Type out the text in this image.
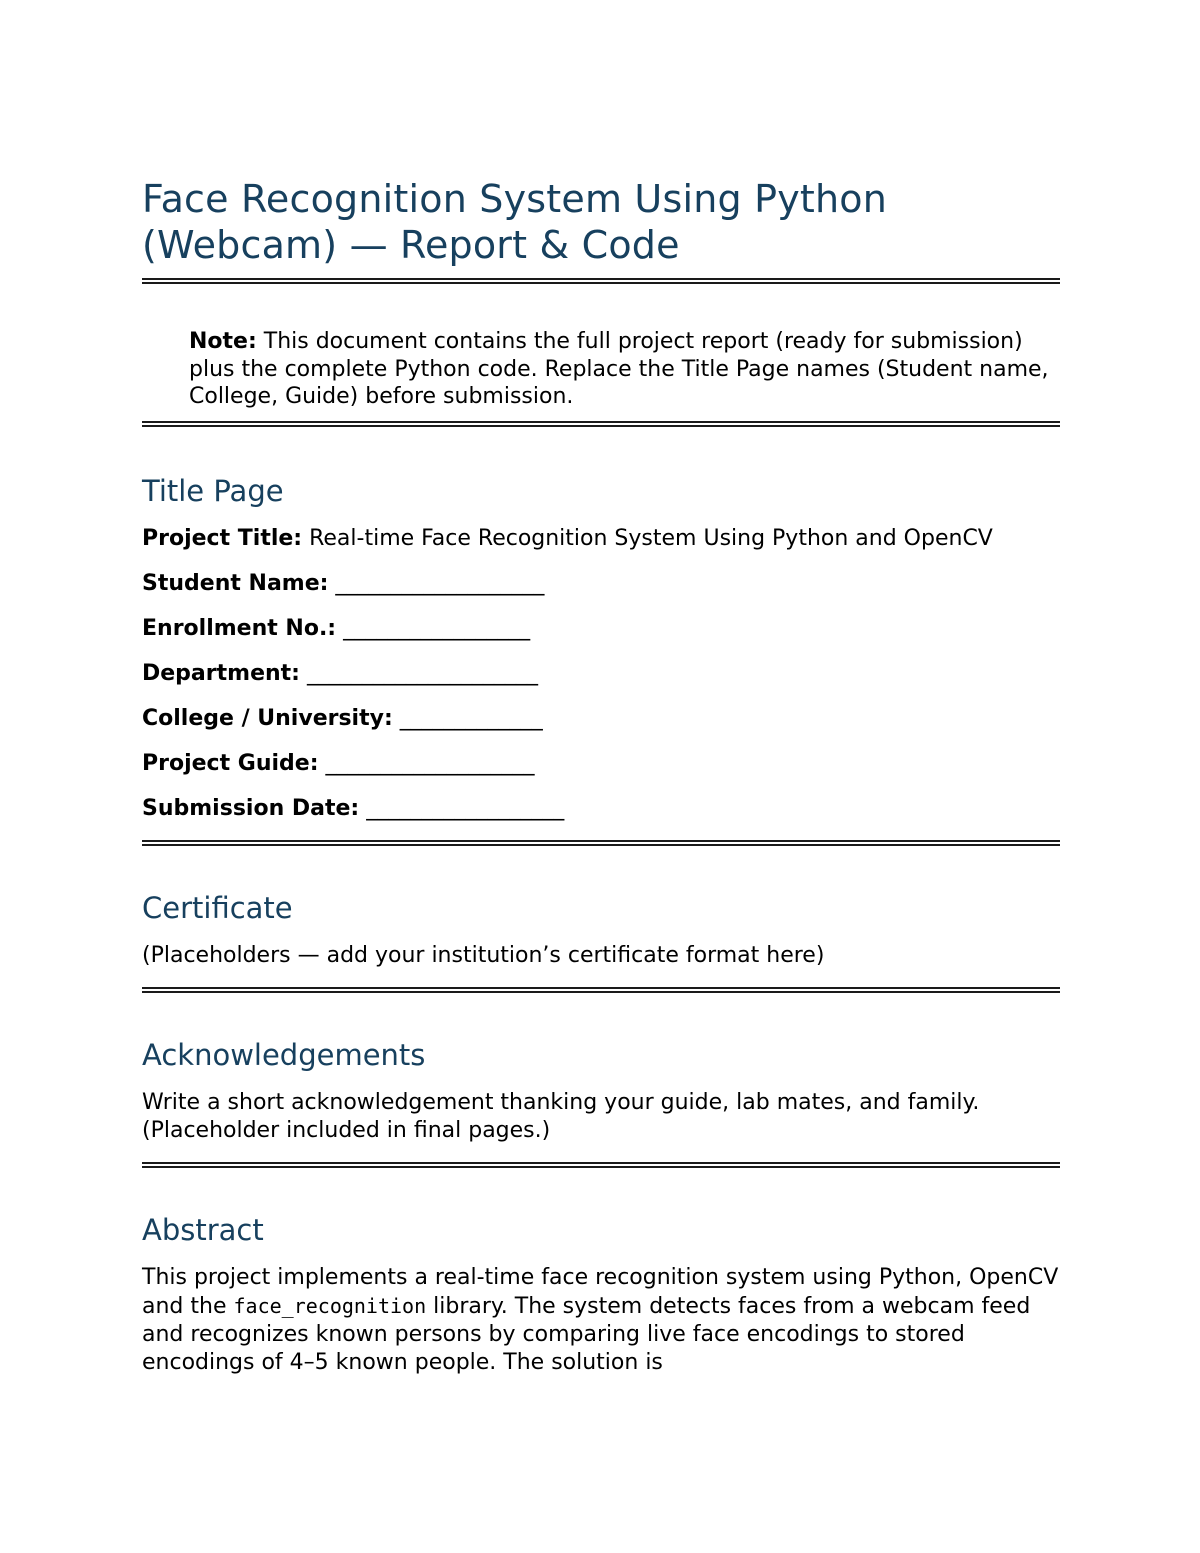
Face Recognition System Using Python (Webcam) — Report & Code

Note: This document contains the full project report (ready for submission) plus the complete Python code. Replace the Title Page names (Student name, College, Guide) before submission.

Title Page

Project Title: Real-time Face Recognition System Using Python and OpenCV

Student Name: ___________________

Enrollment No.: _________________

Department: _____________________

College / University: _____________

Project Guide: ___________________

Submission Date: __________________

Certificate

(Placeholders — add your institution’s certificate format here)

Acknowledgements

Write a short acknowledgement thanking your guide, lab mates, and family. (Placeholder included in final pages.)

Abstract

This project implements a real-time face recognition system using Python, OpenCV and the face_recognition library. The system detects faces from a webcam feed and recognizes known persons by comparing live face encodings to stored encodings of 4–5 known people. The solution is
